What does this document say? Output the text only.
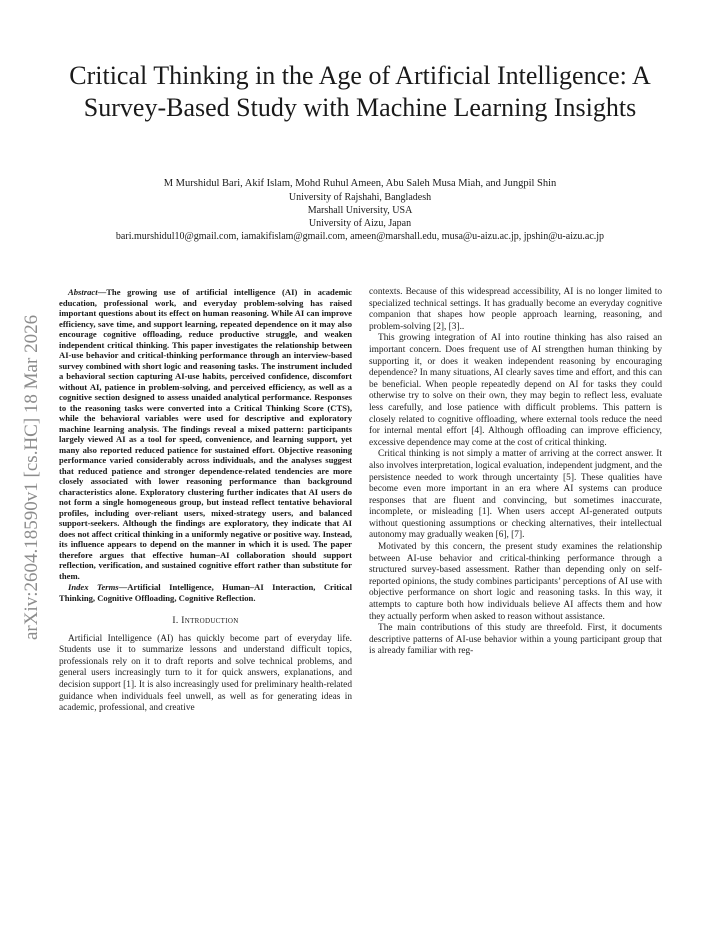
Critical Thinking in the Age of Artificial Intelligence: A Survey-Based Study with Machine Learning Insights
M Murshidul Bari, Akif Islam, Mohd Ruhul Ameen, Abu Saleh Musa Miah, and Jungpil Shin
University of Rajshahi, Bangladesh
Marshall University, USA
University of Aizu, Japan
bari.murshidul10@gmail.com, iamakifislam@gmail.com, ameen@marshall.edu, musa@u-aizu.ac.jp, jpshin@u-aizu.ac.jp
arXiv:2604.18590v1 [cs.HC] 18 Mar 2026

Abstract—The growing use of artificial intelligence (AI) in academic education, professional work, and everyday problem-solving has raised important questions about its effect on human reasoning. While AI can improve efficiency, save time, and support learning, repeated dependence on it may also encourage cognitive offloading, reduce productive struggle, and weaken independent critical thinking. This paper investigates the relationship between AI-use behavior and critical-thinking performance through an interview-based survey combined with short logic and reasoning tasks. The instrument included a behavioral section capturing AI-use habits, perceived confidence, discomfort without AI, patience in problem-solving, and perceived efficiency, as well as a cognitive section designed to assess unaided analytical performance. Responses to the reasoning tasks were converted into a Critical Thinking Score (CTS), while the behavioral variables were used for descriptive and exploratory machine learning analysis. The findings reveal a mixed pattern: participants largely viewed AI as a tool for speed, convenience, and learning support, yet many also reported reduced patience for sustained effort. Objective reasoning performance varied considerably across individuals, and the analyses suggest that reduced patience and stronger dependence-related tendencies are more closely associated with lower reasoning performance than background characteristics alone. Exploratory clustering further indicates that AI users do not form a single homogeneous group, but instead reflect tentative behavioral profiles, including over-reliant users, mixed-strategy users, and balanced support-seekers. Although the findings are exploratory, they indicate that AI does not affect critical thinking in a uniformly negative or positive way. Instead, its influence appears to depend on the manner in which it is used. The paper therefore argues that effective human–AI collaboration should support reflection, verification, and sustained cognitive effort rather than substitute for them.

Index Terms—Artificial Intelligence, Human–AI Interaction, Critical Thinking, Cognitive Offloading, Cognitive Reflection.

I. Introduction

Artificial Intelligence (AI) has quickly become part of everyday life. Students use it to summarize lessons and understand difficult topics, professionals rely on it to draft reports and solve technical problems, and general users increasingly turn to it for quick answers, explanations, and decision support [1]. It is also increasingly used for preliminary health-related guidance when individuals feel unwell, as well as for generating ideas in academic, professional, and creative

contexts. Because of this widespread accessibility, AI is no longer limited to specialized technical settings. It has gradually become an everyday cognitive companion that shapes how people approach learning, reasoning, and problem-solving [2], [3]..

This growing integration of AI into routine thinking has also raised an important concern. Does frequent use of AI strengthen human thinking by supporting it, or does it weaken independent reasoning by encouraging dependence? In many situations, AI clearly saves time and effort, and this can be beneficial. When people repeatedly depend on AI for tasks they could otherwise try to solve on their own, they may begin to reflect less, evaluate less carefully, and lose patience with difficult problems. This pattern is closely related to cognitive offloading, where external tools reduce the need for internal mental effort [4]. Although offloading can improve efficiency, excessive dependence may come at the cost of critical thinking.

Critical thinking is not simply a matter of arriving at the correct answer. It also involves interpretation, logical evaluation, independent judgment, and the persistence needed to work through uncertainty [5]. These qualities have become even more important in an era where AI systems can produce responses that are fluent and convincing, but sometimes inaccurate, incomplete, or misleading [1]. When users accept AI-generated outputs without questioning assumptions or checking alternatives, their intellectual autonomy may gradually weaken [6], [7].

Motivated by this concern, the present study examines the relationship between AI-use behavior and critical-thinking performance through a structured survey-based assessment. Rather than depending only on self-reported opinions, the study combines participants’ perceptions of AI use with objective performance on short logic and reasoning tasks. In this way, it attempts to capture both how individuals believe AI affects them and how they actually perform when asked to reason without assistance.

The main contributions of this study are threefold. First, it documents descriptive patterns of AI-use behavior within a young participant group that is already familiar with reg-
